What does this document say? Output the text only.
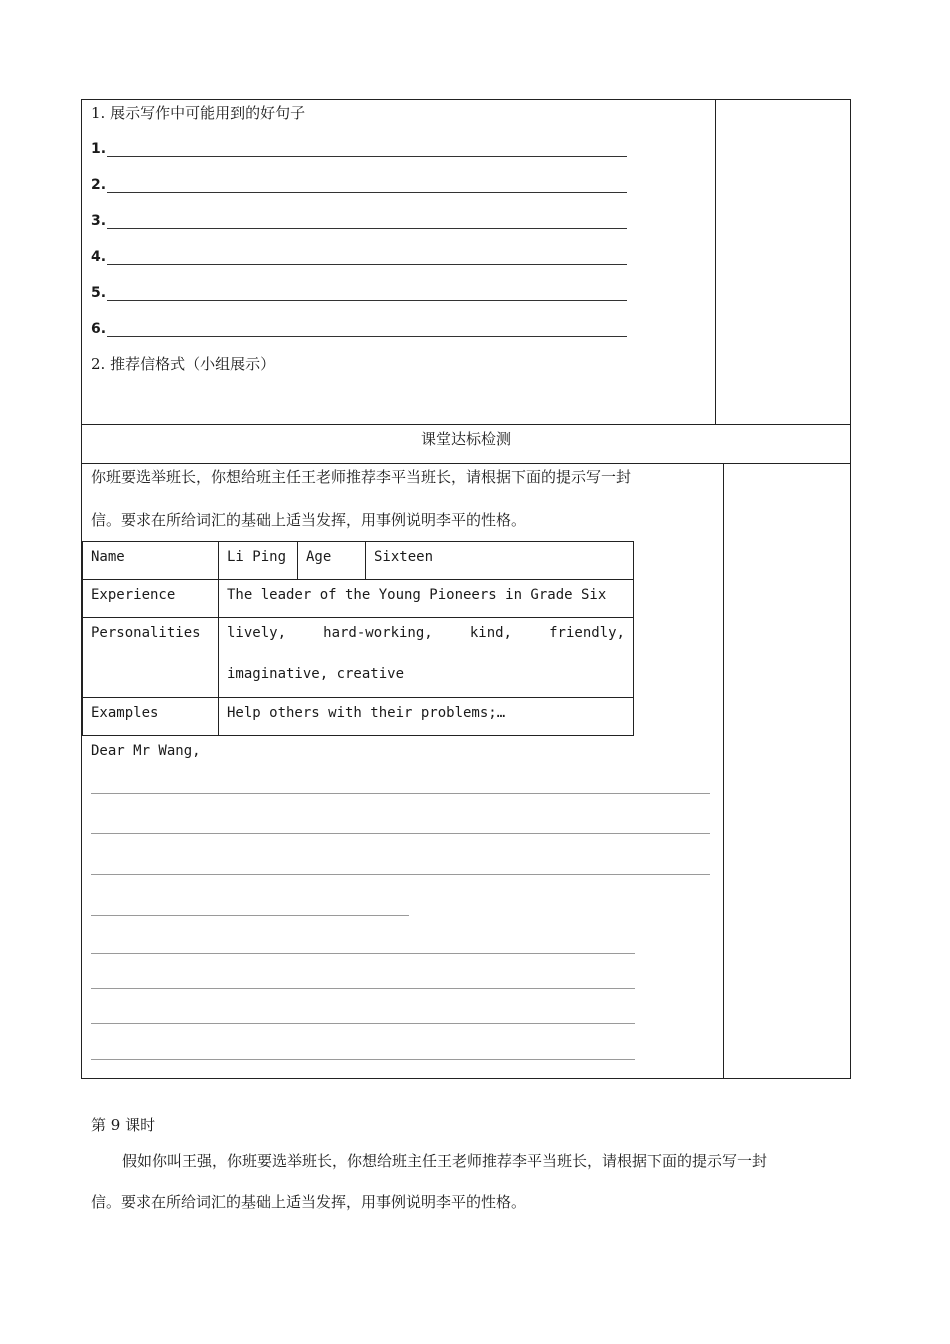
1. 展示写作中可能用到的好句子
1.
2.
3.
4.
5.
6.
2. 推荐信格式（小组展示）
课堂达标检测
你班要选举班长，你想给班主任王老师推荐李平当班长，请根据下面的提示写一封
信。要求在所给词汇的基础上适当发挥，用事例说明李平的性格。
Name	Li Ping	Age	Sixteen
Experience	The leader of the Young Pioneers in Grade Six		
Personalities	lively, hard-working, kind, friendly,
imaginative, creative		

Examples	Help others with their problems;…		
Dear Mr Wang,
第 9 课时
假如你叫王强，你班要选举班长，你想给班主任王老师推荐李平当班长，请根据下面的提示写一封
信。要求在所给词汇的基础上适当发挥，用事例说明李平的性格。
